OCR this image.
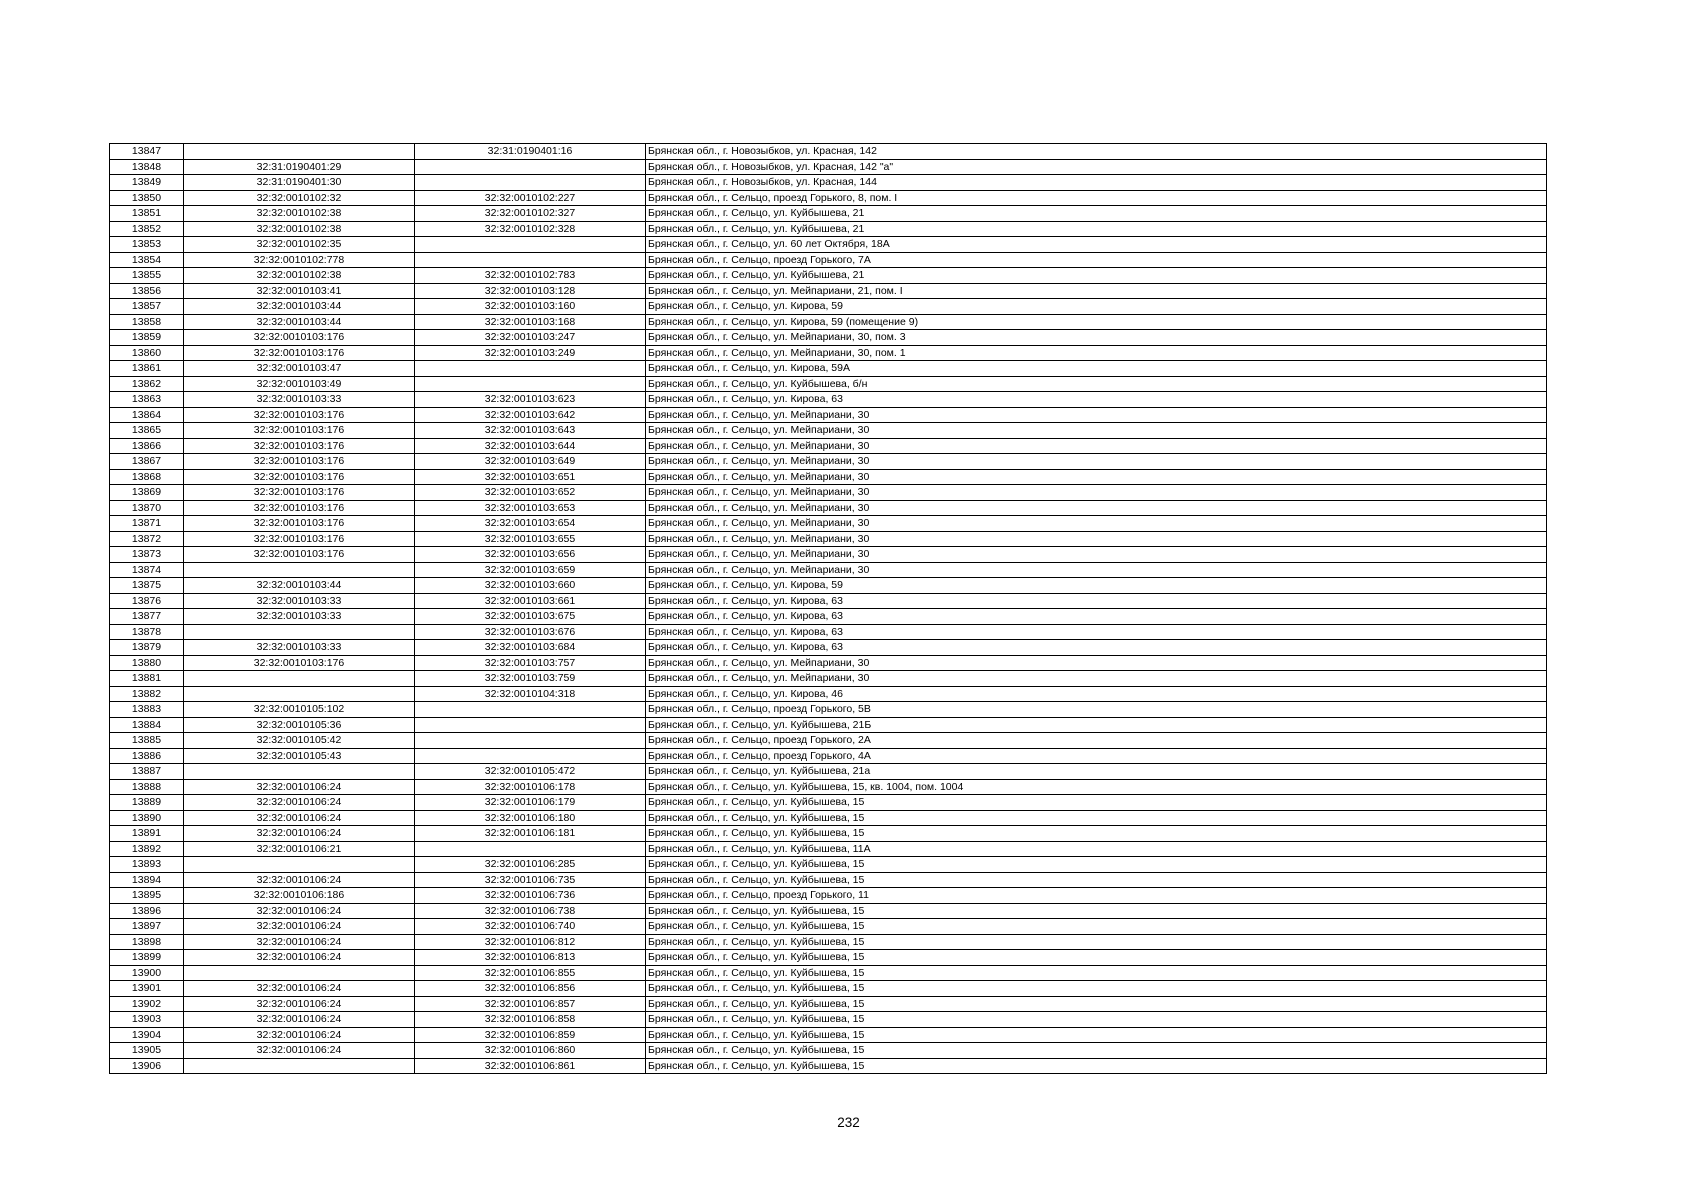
13847		32:31:0190401:16	Брянская обл., г. Новозыбков, ул. Красная, 142
13848	32:31:0190401:29		Брянская обл., г. Новозыбков, ул. Красная, 142 "а"
13849	32:31:0190401:30		Брянская обл., г. Новозыбков, ул. Красная, 144
13850	32:32:0010102:32	32:32:0010102:227	Брянская обл., г. Сельцо, проезд Горького, 8, пом. I
13851	32:32:0010102:38	32:32:0010102:327	Брянская обл., г. Сельцо, ул. Куйбышева, 21
13852	32:32:0010102:38	32:32:0010102:328	Брянская обл., г. Сельцо, ул. Куйбышева, 21
13853	32:32:0010102:35		Брянская обл., г. Сельцо, ул. 60 лет Октября, 18А
13854	32:32:0010102:778		Брянская обл., г. Сельцо, проезд Горького, 7А
13855	32:32:0010102:38	32:32:0010102:783	Брянская обл., г. Сельцо, ул. Куйбышева, 21
13856	32:32:0010103:41	32:32:0010103:128	Брянская обл., г. Сельцо, ул. Мейпариани, 21, пом. I
13857	32:32:0010103:44	32:32:0010103:160	Брянская обл., г. Сельцо, ул. Кирова, 59
13858	32:32:0010103:44	32:32:0010103:168	Брянская обл., г. Сельцо, ул. Кирова, 59 (помещение 9)
13859	32:32:0010103:176	32:32:0010103:247	Брянская обл., г. Сельцо, ул. Мейпариани, 30, пом. 3
13860	32:32:0010103:176	32:32:0010103:249	Брянская обл., г. Сельцо, ул. Мейпариани, 30, пом. 1
13861	32:32:0010103:47		Брянская обл., г. Сельцо, ул. Кирова, 59А
13862	32:32:0010103:49		Брянская обл., г. Сельцо, ул. Куйбышева, б/н
13863	32:32:0010103:33	32:32:0010103:623	Брянская обл., г. Сельцо, ул. Кирова, 63
13864	32:32:0010103:176	32:32:0010103:642	Брянская обл., г. Сельцо, ул. Мейпариани, 30
13865	32:32:0010103:176	32:32:0010103:643	Брянская обл., г. Сельцо, ул. Мейпариани, 30
13866	32:32:0010103:176	32:32:0010103:644	Брянская обл., г. Сельцо, ул. Мейпариани, 30
13867	32:32:0010103:176	32:32:0010103:649	Брянская обл., г. Сельцо, ул. Мейпариани, 30
13868	32:32:0010103:176	32:32:0010103:651	Брянская обл., г. Сельцо, ул. Мейпариани, 30
13869	32:32:0010103:176	32:32:0010103:652	Брянская обл., г. Сельцо, ул. Мейпариани, 30
13870	32:32:0010103:176	32:32:0010103:653	Брянская обл., г. Сельцо, ул. Мейпариани, 30
13871	32:32:0010103:176	32:32:0010103:654	Брянская обл., г. Сельцо, ул. Мейпариани, 30
13872	32:32:0010103:176	32:32:0010103:655	Брянская обл., г. Сельцо, ул. Мейпариани, 30
13873	32:32:0010103:176	32:32:0010103:656	Брянская обл., г. Сельцо, ул. Мейпариани, 30
13874		32:32:0010103:659	Брянская обл., г. Сельцо, ул. Мейпариани, 30
13875	32:32:0010103:44	32:32:0010103:660	Брянская обл., г. Сельцо, ул. Кирова, 59
13876	32:32:0010103:33	32:32:0010103:661	Брянская обл., г. Сельцо, ул. Кирова, 63
13877	32:32:0010103:33	32:32:0010103:675	Брянская обл., г. Сельцо, ул. Кирова, 63
13878		32:32:0010103:676	Брянская обл., г. Сельцо, ул. Кирова, 63
13879	32:32:0010103:33	32:32:0010103:684	Брянская обл., г. Сельцо, ул. Кирова, 63
13880	32:32:0010103:176	32:32:0010103:757	Брянская обл., г. Сельцо, ул. Мейпариани, 30
13881		32:32:0010103:759	Брянская обл., г. Сельцо, ул. Мейпариани, 30
13882		32:32:0010104:318	Брянская обл., г. Сельцо, ул. Кирова, 46
13883	32:32:0010105:102		Брянская обл., г. Сельцо, проезд Горького, 5В
13884	32:32:0010105:36		Брянская обл., г. Сельцо, ул. Куйбышева, 21Б
13885	32:32:0010105:42		Брянская обл., г. Сельцо, проезд Горького, 2А
13886	32:32:0010105:43		Брянская обл., г. Сельцо, проезд Горького, 4А
13887		32:32:0010105:472	Брянская обл., г. Сельцо, ул. Куйбышева, 21а
13888	32:32:0010106:24	32:32:0010106:178	Брянская обл., г. Сельцо, ул. Куйбышева, 15, кв. 1004, пом. 1004
13889	32:32:0010106:24	32:32:0010106:179	Брянская обл., г. Сельцо, ул. Куйбышева, 15
13890	32:32:0010106:24	32:32:0010106:180	Брянская обл., г. Сельцо, ул. Куйбышева, 15
13891	32:32:0010106:24	32:32:0010106:181	Брянская обл., г. Сельцо, ул. Куйбышева, 15
13892	32:32:0010106:21		Брянская обл., г. Сельцо, ул. Куйбышева, 11А
13893		32:32:0010106:285	Брянская обл., г. Сельцо, ул. Куйбышева, 15
13894	32:32:0010106:24	32:32:0010106:735	Брянская обл., г. Сельцо, ул. Куйбышева, 15
13895	32:32:0010106:186	32:32:0010106:736	Брянская обл., г. Сельцо, проезд Горького, 11
13896	32:32:0010106:24	32:32:0010106:738	Брянская обл., г. Сельцо, ул. Куйбышева, 15
13897	32:32:0010106:24	32:32:0010106:740	Брянская обл., г. Сельцо, ул. Куйбышева, 15
13898	32:32:0010106:24	32:32:0010106:812	Брянская обл., г. Сельцо, ул. Куйбышева, 15
13899	32:32:0010106:24	32:32:0010106:813	Брянская обл., г. Сельцо, ул. Куйбышева, 15
13900		32:32:0010106:855	Брянская обл., г. Сельцо, ул. Куйбышева, 15
13901	32:32:0010106:24	32:32:0010106:856	Брянская обл., г. Сельцо, ул. Куйбышева, 15
13902	32:32:0010106:24	32:32:0010106:857	Брянская обл., г. Сельцо, ул. Куйбышева, 15
13903	32:32:0010106:24	32:32:0010106:858	Брянская обл., г. Сельцо, ул. Куйбышева, 15
13904	32:32:0010106:24	32:32:0010106:859	Брянская обл., г. Сельцо, ул. Куйбышева, 15
13905	32:32:0010106:24	32:32:0010106:860	Брянская обл., г. Сельцо, ул. Куйбышева, 15
13906		32:32:0010106:861	Брянская обл., г. Сельцо, ул. Куйбышева, 15
232
